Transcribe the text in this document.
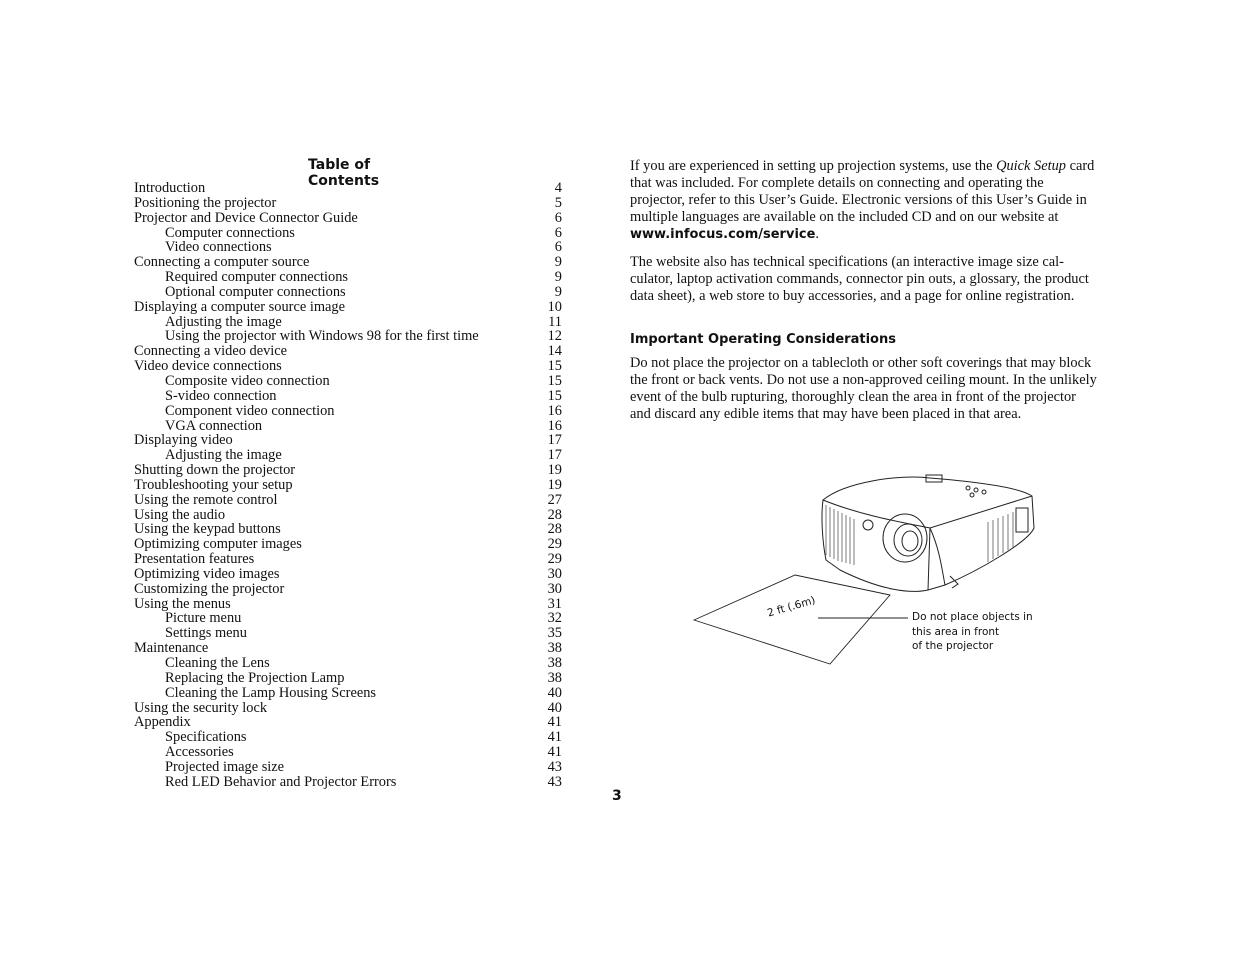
Table of Contents
Introduction	4
Positioning the projector	5
Projector and Device Connector Guide	6
Computer connections	6
Video connections	6
Connecting a computer source	9
Required computer connections	9
Optional computer connections	9
Displaying a computer source image	10
Adjusting the image	11
Using the projector with Windows 98 for the first time	12
Connecting a video device	14
Video device connections	15
Composite video connection	15
S-video connection	15
Component video connection	16
VGA connection	16
Displaying video	17
Adjusting the image	17
Shutting down the projector	19
Troubleshooting your setup	19
Using the remote control	27
Using the audio	28
Using the keypad buttons	28
Optimizing computer images	29
Presentation features	29
Optimizing video images	30
Customizing the projector	30
Using the menus	31
Picture menu	32
Settings menu	35
Maintenance	38
Cleaning the Lens	38
Replacing the Projection Lamp	38
Cleaning the Lamp Housing Screens	40
Using the security lock	40
Appendix	41
Specifications	41
Accessories	41
Projected image size	43
Red LED Behavior and Projector Errors	43

If you are experienced in setting up projection systems, use the Quick Setup card that was included. For complete details on connecting and operating the projector, refer to this User’s Guide. Electronic versions of this User’s Guide in multiple languages are available on the included CD and on our website at www.infocus.com/service.

The website also has technical specifications (an interactive image size cal-culator, laptop activation commands, connector pin outs, a glossary, the product data sheet), a web store to buy accessories, and a page for online registration.

Important Operating Considerations

Do not place the projector on a tablecloth or other soft coverings that may block the front or back vents. Do not use a non-approved ceiling mount. In the unlikely event of the bulb rupturing, thoroughly clean the area in front of the projector and discard any edible items that may have been placed in that area.

2 ft (.6m)	Do not place objects in
this area in front
of the projector
3
